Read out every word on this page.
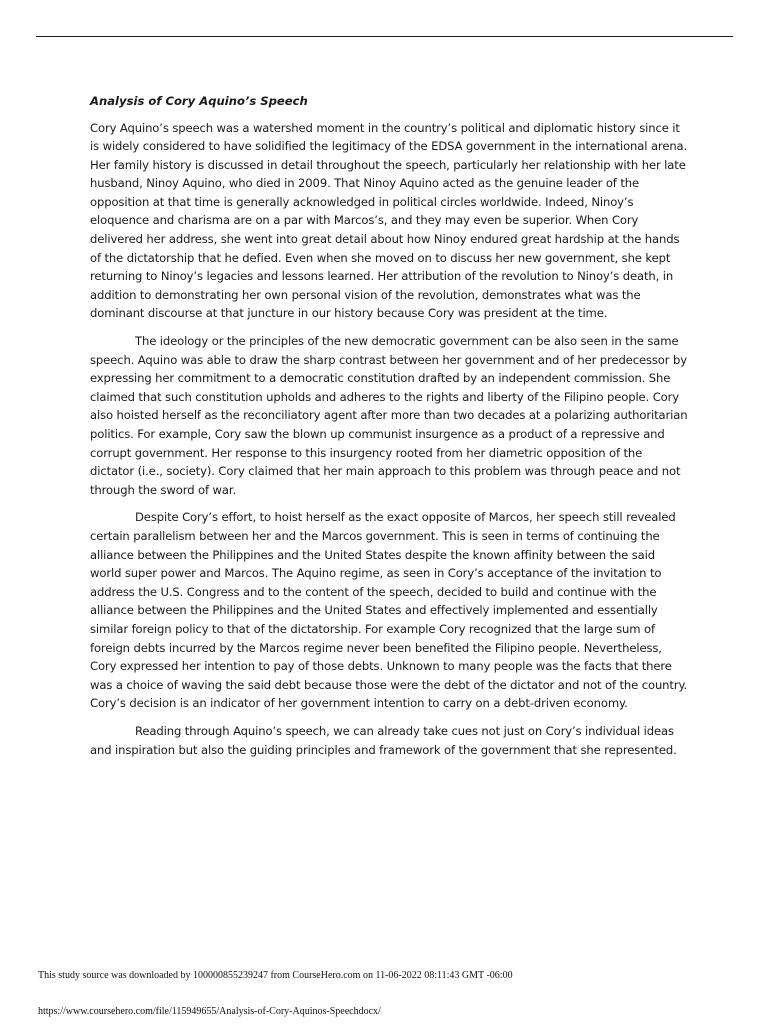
Analysis of Cory Aquino’s Speech
Cory Aquino’s speech was a watershed moment in the country’s political and diplomatic history since it
is widely considered to have solidified the legitimacy of the EDSA government in the international arena.
Her family history is discussed in detail throughout the speech, particularly her relationship with her late
husband, Ninoy Aquino, who died in 2009. That Ninoy Aquino acted as the genuine leader of the
opposition at that time is generally acknowledged in political circles worldwide. Indeed, Ninoy’s
eloquence and charisma are on a par with Marcos’s, and they may even be superior. When Cory
delivered her address, she went into great detail about how Ninoy endured great hardship at the hands
of the dictatorship that he defied. Even when she moved on to discuss her new government, she kept
returning to Ninoy’s legacies and lessons learned. Her attribution of the revolution to Ninoy’s death, in
addition to demonstrating her own personal vision of the revolution, demonstrates what was the
dominant discourse at that juncture in our history because Cory was president at the time.
The ideology or the principles of the new democratic government can be also seen in the same
speech. Aquino was able to draw the sharp contrast between her government and of her predecessor by
expressing her commitment to a democratic constitution drafted by an independent commission. She
claimed that such constitution upholds and adheres to the rights and liberty of the Filipino people. Cory
also hoisted herself as the reconciliatory agent after more than two decades at a polarizing authoritarian
politics. For example, Cory saw the blown up communist insurgence as a product of a repressive and
corrupt government. Her response to this insurgency rooted from her diametric opposition of the
dictator (i.e., society). Cory claimed that her main approach to this problem was through peace and not
through the sword of war.
Despite Cory’s effort, to hoist herself as the exact opposite of Marcos, her speech still revealed
certain parallelism between her and the Marcos government. This is seen in terms of continuing the
alliance between the Philippines and the United States despite the known affinity between the said
world super power and Marcos. The Aquino regime, as seen in Cory’s acceptance of the invitation to
address the U.S. Congress and to the content of the speech, decided to build and continue with the
alliance between the Philippines and the United States and effectively implemented and essentially
similar foreign policy to that of the dictatorship. For example Cory recognized that the large sum of
foreign debts incurred by the Marcos regime never been benefited the Filipino people. Nevertheless,
Cory expressed her intention to pay of those debts. Unknown to many people was the facts that there
was a choice of waving the said debt because those were the debt of the dictator and not of the country.
Cory’s decision is an indicator of her government intention to carry on a debt-driven economy.
Reading through Aquino’s speech, we can already take cues not just on Cory’s individual ideas
and inspiration but also the guiding principles and framework of the government that she represented.
This study source was downloaded by 100000855239247 from CourseHero.com on 11-06-2022 08:11:43 GMT -06:00
https://www.coursehero.com/file/115949655/Analysis-of-Cory-Aquinos-Speechdocx/
